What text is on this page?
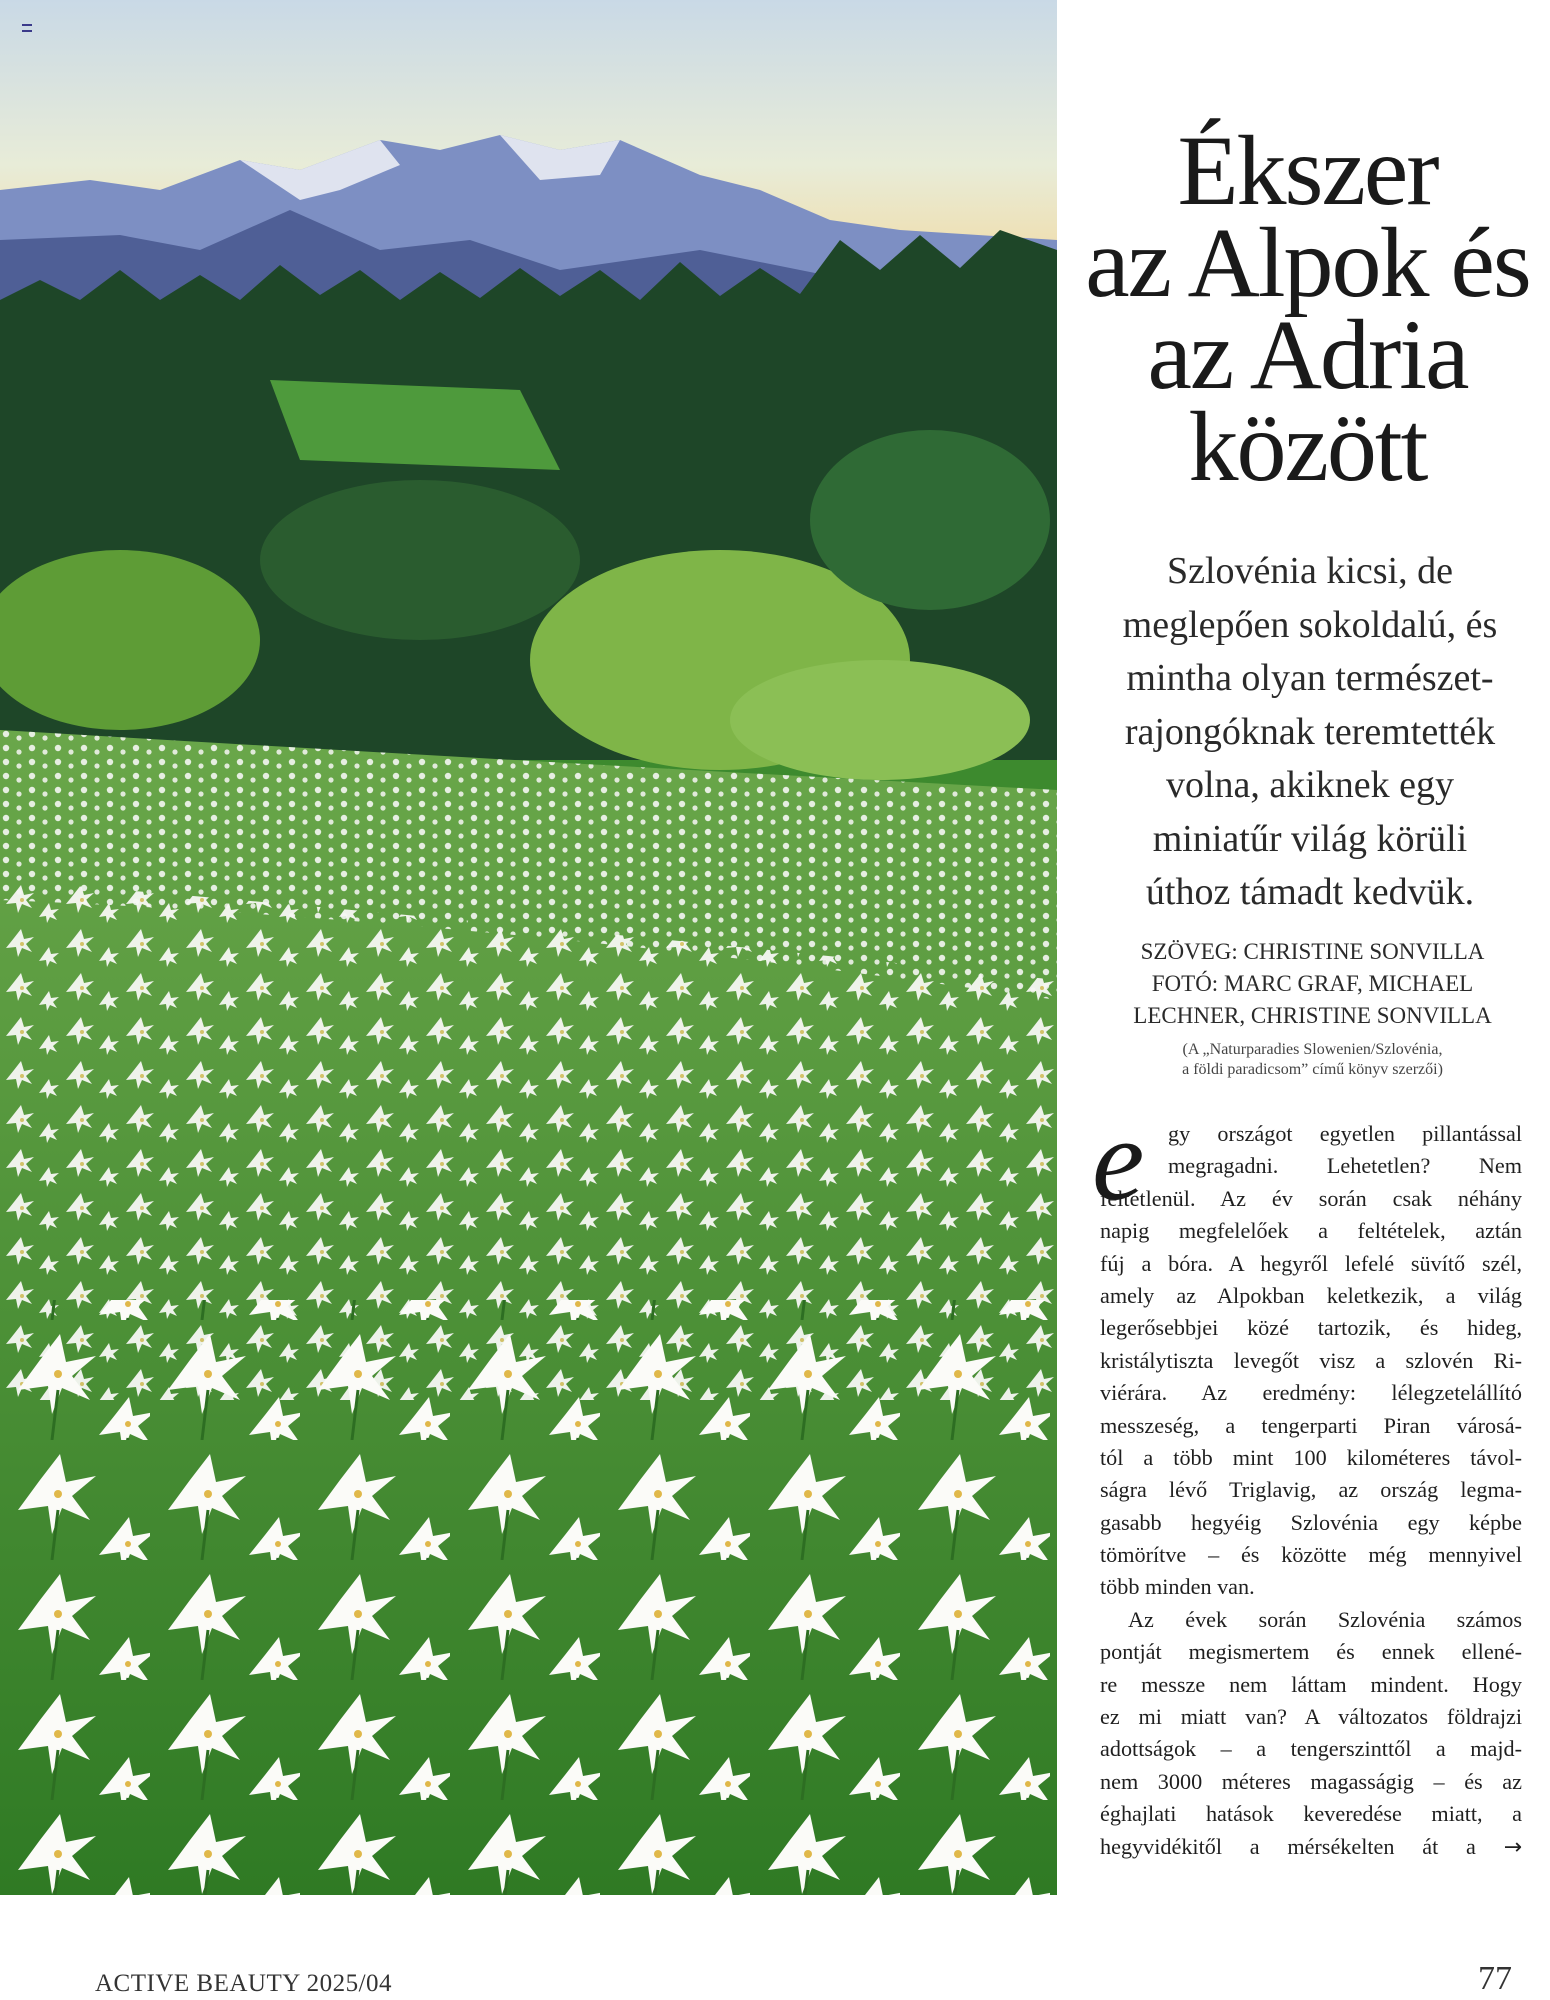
Ékszer
az Alpok és
az Adria
között
Szlovénia kicsi, de
meglepően sokoldalú, és
mintha olyan természet-
rajongóknak teremtették
volna, akiknek egy
miniatűr világ körüli
úthoz támadt kedvük.
SZÖVEG: CHRISTINE SONVILLA
FOTÓ: MARC GRAF, MICHAEL
LECHNER, CHRISTINE SONVILLA
(A „Naturparadies Slowenien/Szlovénia,
a földi paradicsom” című könyv szerzői)
e	gy országot egyetlen pillantással
megragadni. Lehetetlen? Nem
feltétlenül. Az év során csak néhány
napig megfelelőek a feltételek, aztán
fúj a bóra. A hegyről lefelé süvítő szél,
amely az Alpokban keletkezik, a világ
legerősebbjei közé tartozik, és hideg,
kristálytiszta levegőt visz a szlovén Ri-
viérára. Az eredmény: lélegzetelállító
messzeség, a tengerparti Piran városá-
tól a több mint 100 kilométeres távol-
ságra lévő Triglavig, az ország legma-
gasabb hegyéig Szlovénia egy képbe
tömörítve – és közötte még mennyivel
több minden van.
Az évek során Szlovénia számos
pontját megismertem és ennek ellené-
re messze nem láttam mindent. Hogy
ez mi miatt van? A változatos földrajzi
adottságok – a tengerszinttől a majd-
nem 3000 méteres magasságig – és az
éghajlati hatások keveredése miatt, a
hegyvidékitől a mérsékelten át a →
ACTIVE BEAUTY 2025/04	77
